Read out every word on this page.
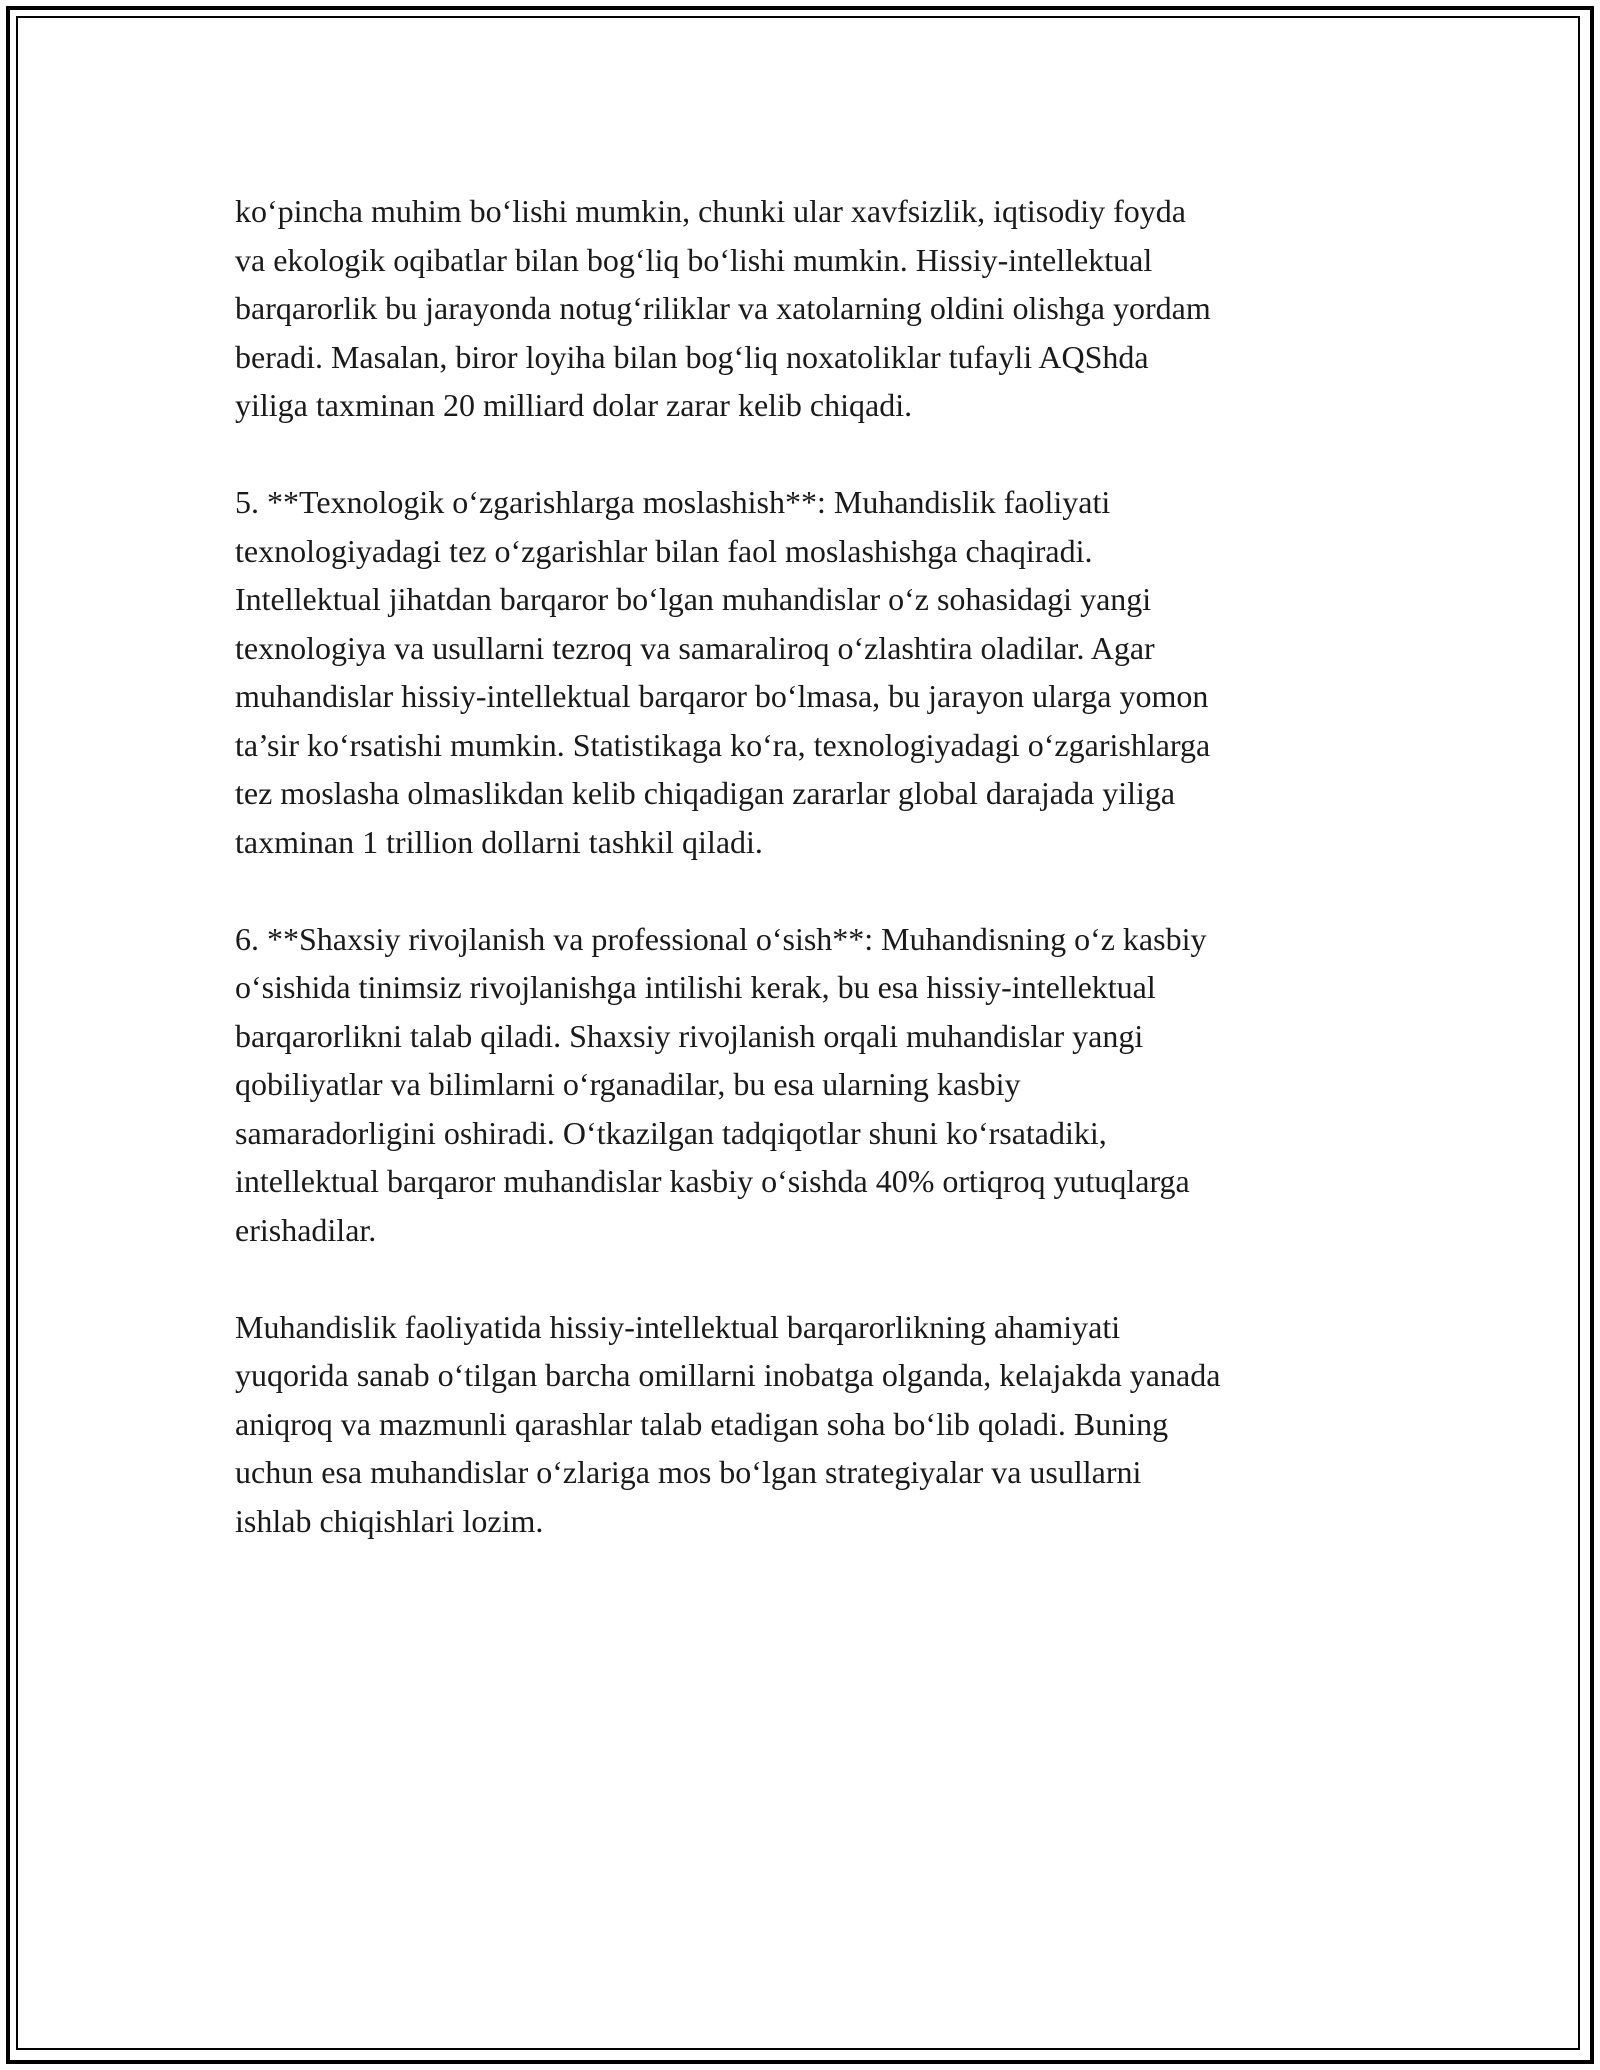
ko‘pincha muhim bo‘lishi mumkin, chunki ular xavfsizlik, iqtisodiy foyda
va ekologik oqibatlar bilan bog‘liq bo‘lishi mumkin. Hissiy-intellektual
barqarorlik bu jarayonda notug‘riliklar va xatolarning oldini olishga yordam
beradi. Masalan, biror loyiha bilan bog‘liq noxatoliklar tufayli AQShda
yiliga taxminan 20 milliard dolar zarar kelib chiqadi.

5. **Texnologik o‘zgarishlarga moslashish**: Muhandislik faoliyati
texnologiyadagi tez o‘zgarishlar bilan faol moslashishga chaqiradi.
Intellektual jihatdan barqaror bo‘lgan muhandislar o‘z sohasidagi yangi
texnologiya va usullarni tezroq va samaraliroq o‘zlashtira oladilar. Agar
muhandislar hissiy-intellektual barqaror bo‘lmasa, bu jarayon ularga yomon
ta’sir ko‘rsatishi mumkin. Statistikaga ko‘ra, texnologiyadagi o‘zgarishlarga
tez moslasha olmaslikdan kelib chiqadigan zararlar global darajada yiliga
taxminan 1 trillion dollarni tashkil qiladi.

6. **Shaxsiy rivojlanish va professional o‘sish**: Muhandisning o‘z kasbiy
o‘sishida tinimsiz rivojlanishga intilishi kerak, bu esa hissiy-intellektual
barqarorlikni talab qiladi. Shaxsiy rivojlanish orqali muhandislar yangi
qobiliyatlar va bilimlarni o‘rganadilar, bu esa ularning kasbiy
samaradorligini oshiradi. O‘tkazilgan tadqiqotlar shuni ko‘rsatadiki,
intellektual barqaror muhandislar kasbiy o‘sishda 40% ortiqroq yutuqlarga
erishadilar.

Muhandislik faoliyatida hissiy-intellektual barqarorlikning ahamiyati
yuqorida sanab o‘tilgan barcha omillarni inobatga olganda, kelajakda yanada
aniqroq va mazmunli qarashlar talab etadigan soha bo‘lib qoladi. Buning
uchun esa muhandislar o‘zlariga mos bo‘lgan strategiyalar va usullarni
ishlab chiqishlari lozim.
